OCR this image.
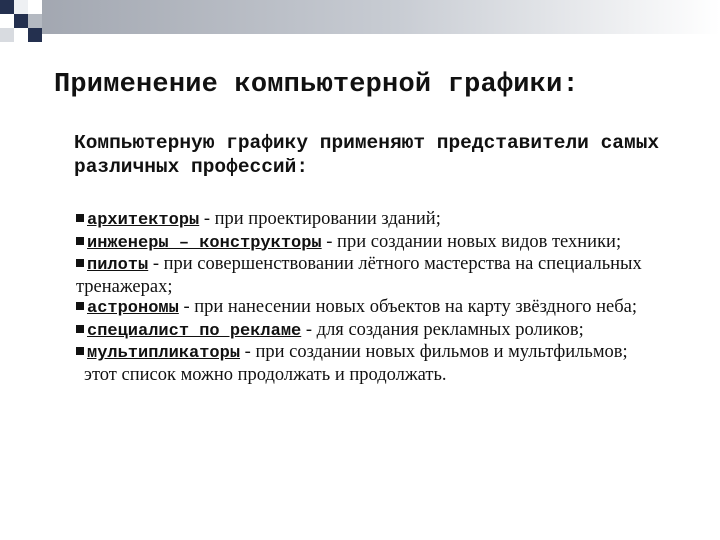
Применение компьютерной графики:
Компьютерную графику применяют представители самых различных профессий:

архитекторы - при проектировании зданий;

инженеры – конструкторы - при создании новых видов техники;

пилоты - при совершенствовании лётного мастерства на специальных тренажерах;

астрономы - при нанесении новых объектов на карту звёздного неба;

специалист по рекламе - для создания рекламных роликов;

мультипликаторы - при создании новых фильмов и мультфильмов;

этот список можно продолжать и продолжать.
